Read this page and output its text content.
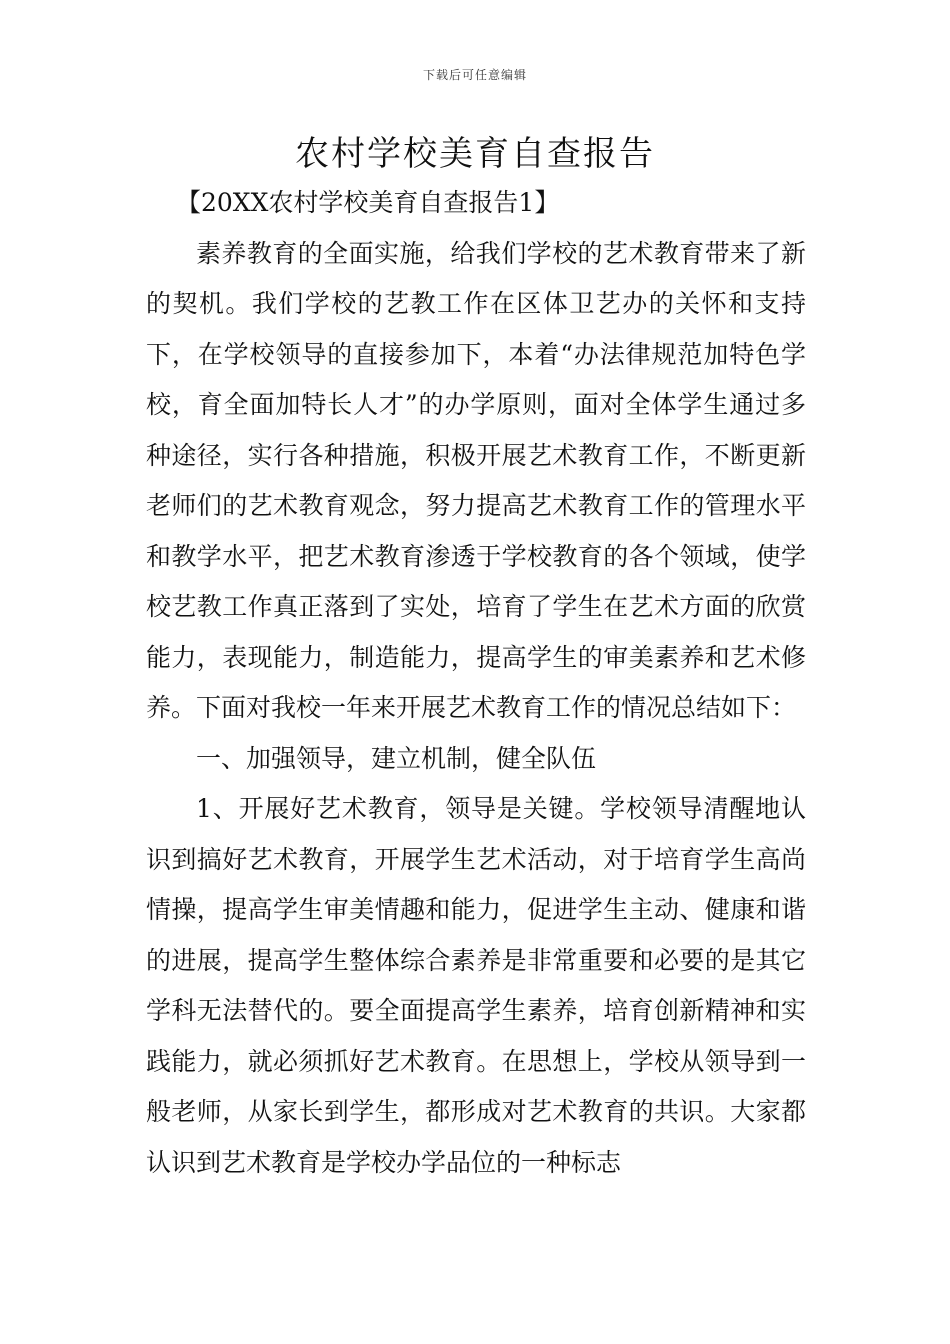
下载后可任意编辑
农村学校美育自查报告

【20XX农村学校美育自查报告1】

素养教育的全面实施，给我们学校的艺术教育带来了新的契机。我们学校的艺教工作在区体卫艺办的关怀和支持下，在学校领导的直接参加下，本着“办法律规范加特色学校，育全面加特长人才”的办学原则，面对全体学生通过多种途径，实行各种措施，积极开展艺术教育工作，不断更新老师们的艺术教育观念，努力提高艺术教育工作的管理水平和教学水平，把艺术教育渗透于学校教育的各个领域，使学校艺教工作真正落到了实处，培育了学生在艺术方面的欣赏能力，表现能力，制造能力，提高学生的审美素养和艺术修养。下面对我校一年来开展艺术教育工作的情况总结如下：

一、加强领导，建立机制，健全队伍

1、开展好艺术教育，领导是关键。学校领导清醒地认识到搞好艺术教育，开展学生艺术活动，对于培育学生高尚情操，提高学生审美情趣和能力，促进学生主动、健康和谐的进展，提高学生整体综合素养是非常重要和必要的是其它学科无法替代的。要全面提高学生素养，培育创新精神和实践能力，就必须抓好艺术教育。在思想上，学校从领导到一般老师，从家长到学生，都形成对艺术教育的共识。大家都认识到艺术教育是学校办学品位的一种标志
